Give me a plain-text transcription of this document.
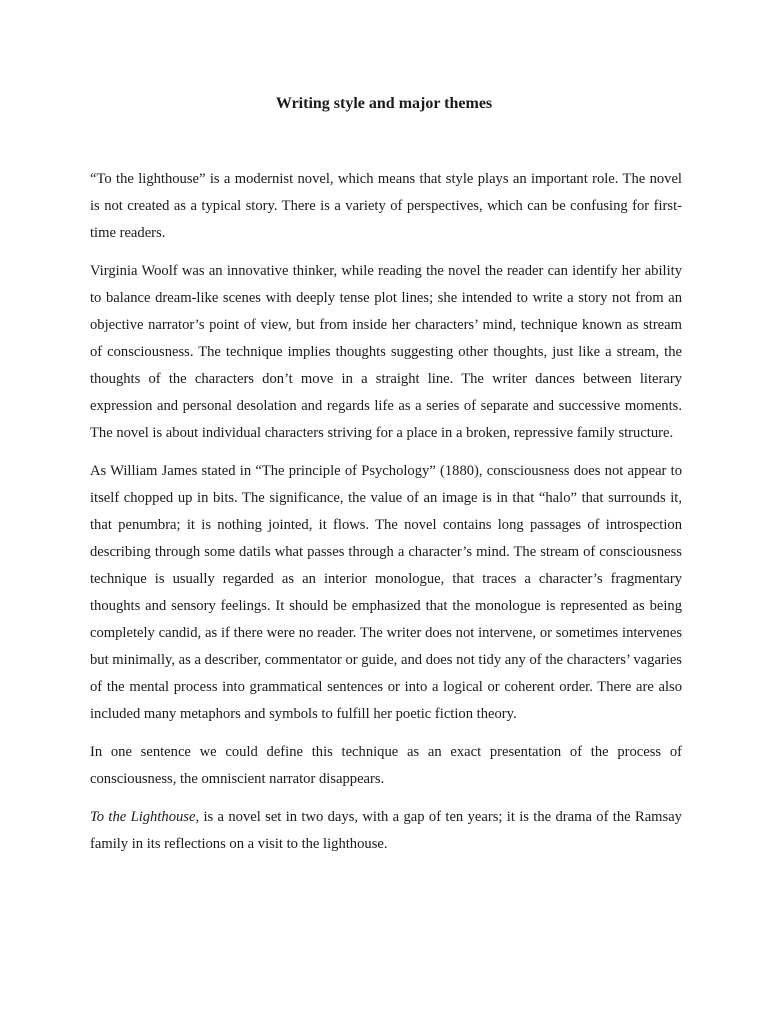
Writing style and major themes

“To the lighthouse” is a modernist novel, which means that style plays an important role. The novel is not created as a typical story. There is a variety of perspectives, which can be confusing for first-time readers.

Virginia Woolf was an innovative thinker, while reading the novel the reader can identify her ability to balance dream-like scenes with deeply tense plot lines; she intended to write a story not from an objective narrator’s point of view, but from inside her characters’ mind, technique known as stream of consciousness. The technique implies thoughts suggesting other thoughts, just like a stream, the thoughts of the characters don’t move in a straight line. The writer dances between literary expression and personal desolation and regards life as a series of separate and successive moments. The novel is about individual characters striving for a place in a broken, repressive family structure.

As William James stated in “The principle of Psychology” (1880), consciousness does not appear to itself chopped up in bits. The significance, the value of an image is in that “halo” that surrounds it, that penumbra; it is nothing jointed, it flows. The novel contains long passages of introspection describing through some datils what passes through a character’s mind. The stream of consciousness technique is usually regarded as an interior monologue, that traces a character’s fragmentary thoughts and sensory feelings. It should be emphasized that the monologue is represented as being completely candid, as if there were no reader. The writer does not intervene, or sometimes intervenes but minimally, as a describer, commentator or guide, and does not tidy any of the characters’ vagaries of the mental process into grammatical sentences or into a logical or coherent order. There are also included many metaphors and symbols to fulfill her poetic fiction theory.

In one sentence we could define this technique as an exact presentation of the process of consciousness, the omniscient narrator disappears.

To the Lighthouse, is a novel set in two days, with a gap of ten years; it is the drama of the Ramsay family in its reflections on a visit to the lighthouse.
